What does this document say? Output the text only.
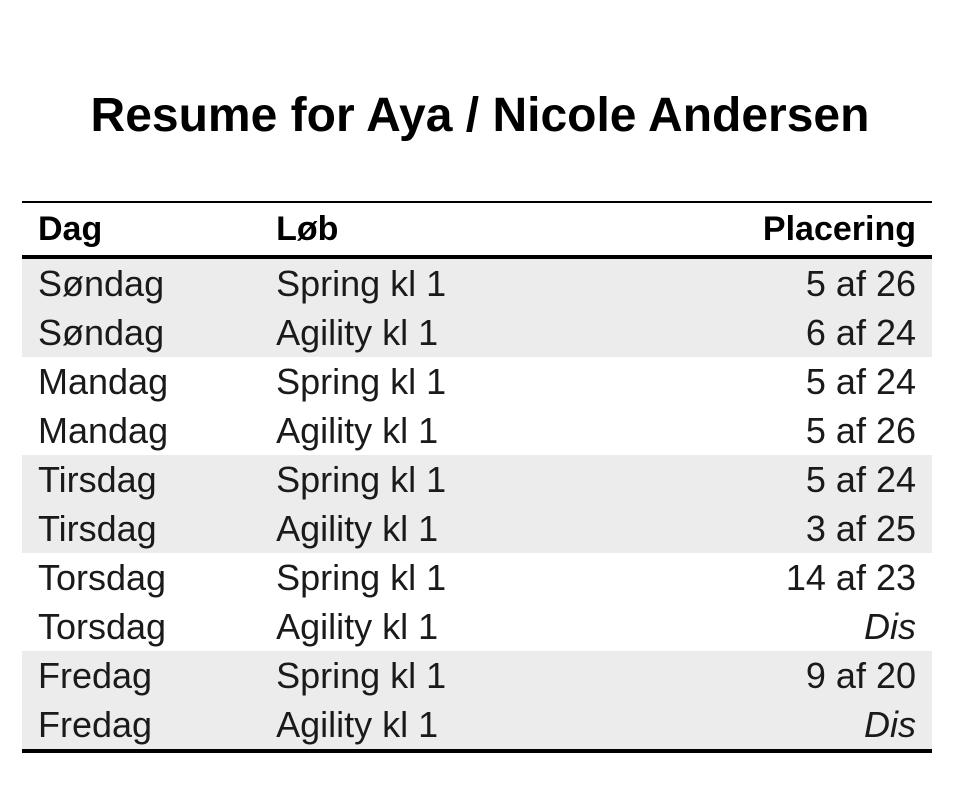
Resume for Aya / Nicole Andersen
Dag	Løb	Placering
Søndag	Spring kl 1	5 af 26
Søndag	Agility kl 1	6 af 24
Mandag	Spring kl 1	5 af 24
Mandag	Agility kl 1	5 af 26
Tirsdag	Spring kl 1	5 af 24
Tirsdag	Agility kl 1	3 af 25
Torsdag	Spring kl 1	14 af 23
Torsdag	Agility kl 1	Dis
Fredag	Spring kl 1	9 af 20
Fredag	Agility kl 1	Dis
